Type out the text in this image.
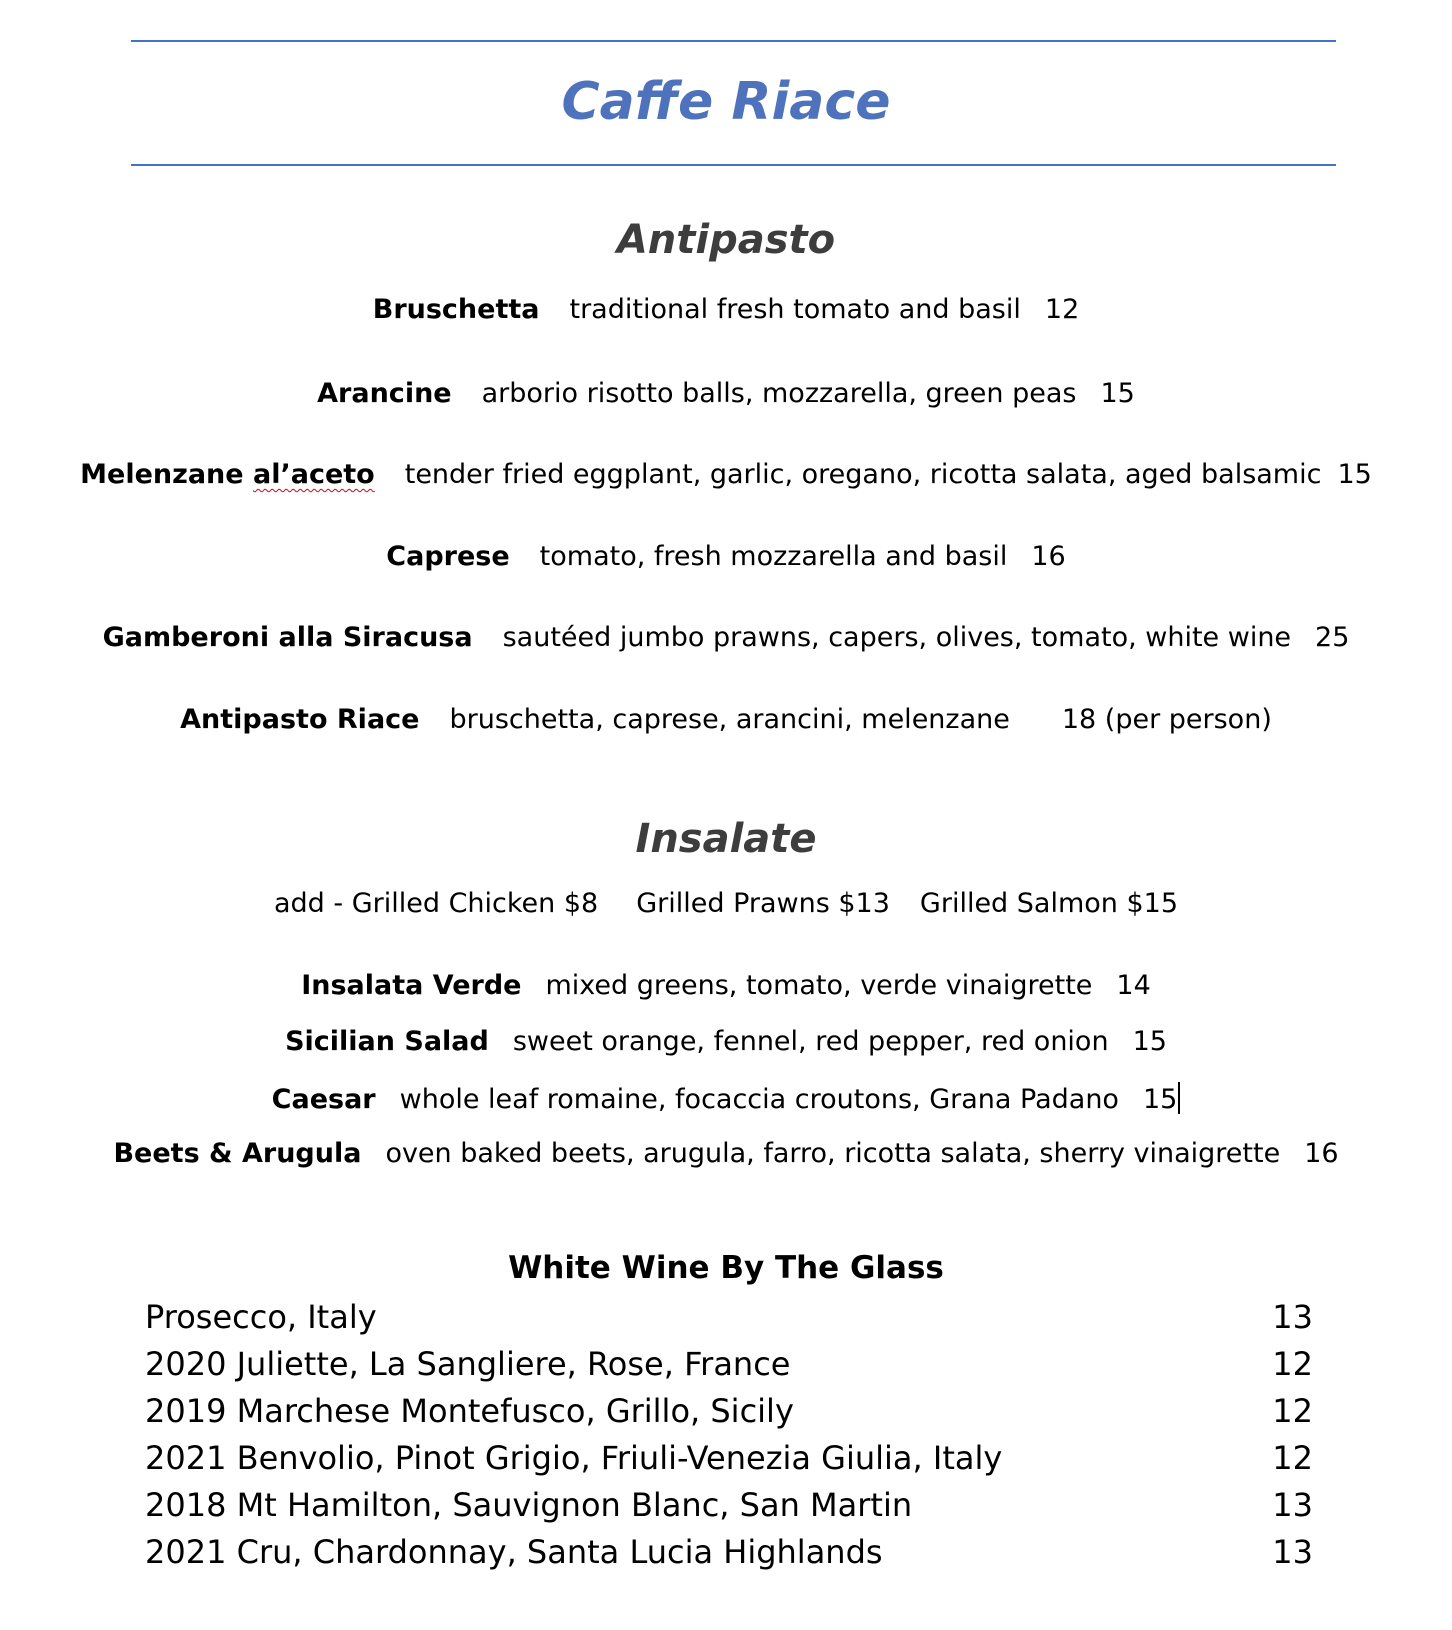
Caffe Riace
Antipasto
Bruschetta traditional fresh tomato and basil 12
Arancine arborio risotto balls, mozzarella, green peas 15
Melenzane al’aceto tender fried eggplant, garlic, oregano, ricotta salata, aged balsamic 15
Caprese tomato, fresh mozzarella and basil 16
Gamberoni alla Siracusa sautéed jumbo prawns, capers, olives, tomato, white wine 25
Antipasto Riace bruschetta, caprese, arancini, melenzane 18 (per person)
Insalate
add - Grilled Chicken $8 Grilled Prawns $13 Grilled Salmon $15
Insalata Verde mixed greens, tomato, verde vinaigrette 14
Sicilian Salad sweet orange, fennel, red pepper, red onion 15
Caesar whole leaf romaine, focaccia croutons, Grana Padano 15
Beets & Arugula oven baked beets, arugula, farro, ricotta salata, sherry vinaigrette 16
White Wine By The Glass
Prosecco, Italy	13
2020 Juliette, La Sangliere, Rose, France	12
2019 Marchese Montefusco, Grillo, Sicily	12
2021 Benvolio, Pinot Grigio, Friuli-Venezia Giulia, Italy	12
2018 Mt Hamilton, Sauvignon Blanc, San Martin	13
2021 Cru, Chardonnay, Santa Lucia Highlands	13
